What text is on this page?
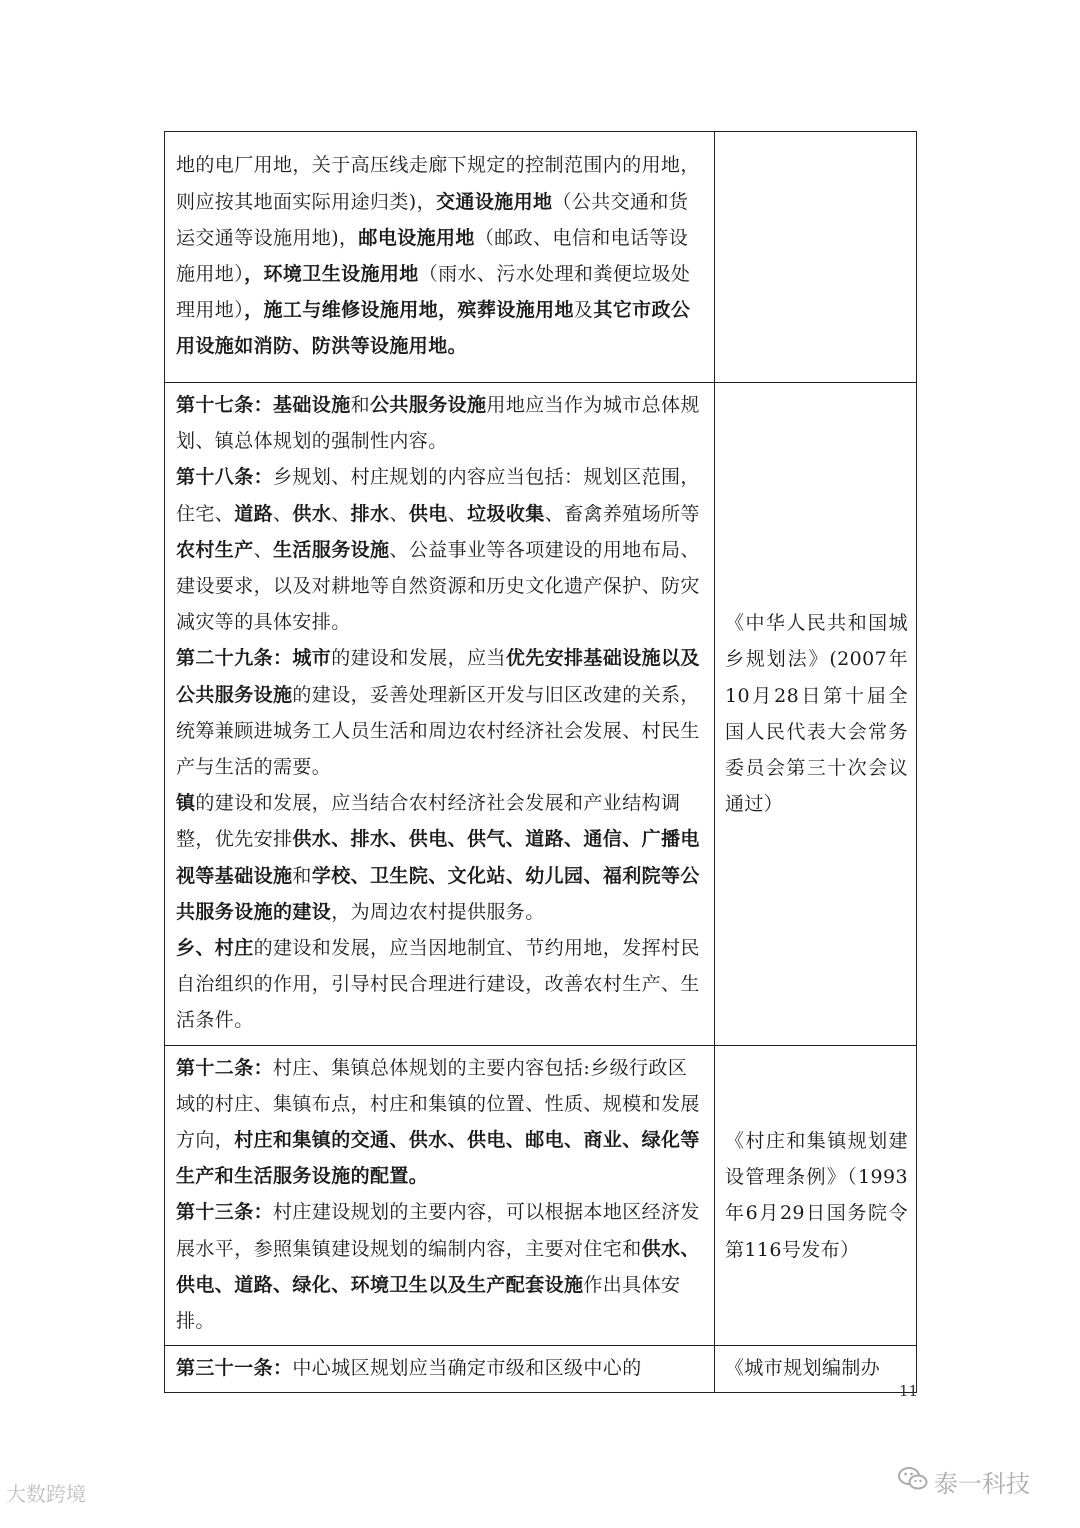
地的电厂用地，关于高压线走廊下规定的控制范围内的用地，则应按其地面实际用途归类)，交通设施用地（公共交通和货运交通等设施用地)，邮电设施用地（邮政、电信和电话等设施用地），环境卫生设施用地（雨水、污水处理和粪便垃圾处理用地），施工与维修设施用地，殡葬设施用地及其它市政公用设施如消防、防洪等设施用地。	

第十七条：基础设施和公共服务设施用地应当作为城市总体规划、镇总体规划的强制性内容。
第十八条：乡规划、村庄规划的内容应当包括：规划区范围，住宅、道路、供水、排水、供电、垃圾收集、畜禽养殖场所等农村生产、生活服务设施、公益事业等各项建设的用地布局、建设要求，以及对耕地等自然资源和历史文化遗产保护、防灾减灾等的具体安排。
第二十九条：城市的建设和发展，应当优先安排基础设施以及公共服务设施的建设，妥善处理新区开发与旧区改建的关系，统筹兼顾进城务工人员生活和周边农村经济社会发展、村民生产与生活的需要。
镇的建设和发展，应当结合农村经济社会发展和产业结构调整，优先安排供水、排水、供电、供气、道路、通信、广播电视等基础设施和学校、卫生院、文化站、幼儿园、福利院等公共服务设施的建设，为周边农村提供服务。
乡、村庄的建设和发展，应当因地制宜、节约用地，发挥村民自治组织的作用，引导村民合理进行建设，改善农村生产、生活条件。	《中华人民共和国城乡规划法》(2007年10月28日第十届全国人民代表大会常务委员会第三十次会议通过）

第十二条：村庄、集镇总体规划的主要内容包括:乡级行政区域的村庄、集镇布点，村庄和集镇的位置、性质、规模和发展方向，村庄和集镇的交通、供水、供电、邮电、商业、绿化等生产和生活服务设施的配置。
第十三条：村庄建设规划的主要内容，可以根据本地区经济发展水平，参照集镇建设规划的编制内容，主要对住宅和供水、供电、道路、绿化、环境卫生以及生产配套设施作出具体安排。	《村庄和集镇规划建设管理条例》（1993年6月29日国务院令第116号发布）

第三十一条：中心城区规划应当确定市级和区级中心的	《城市规划编制办
11
大数跨境	泰一科技
